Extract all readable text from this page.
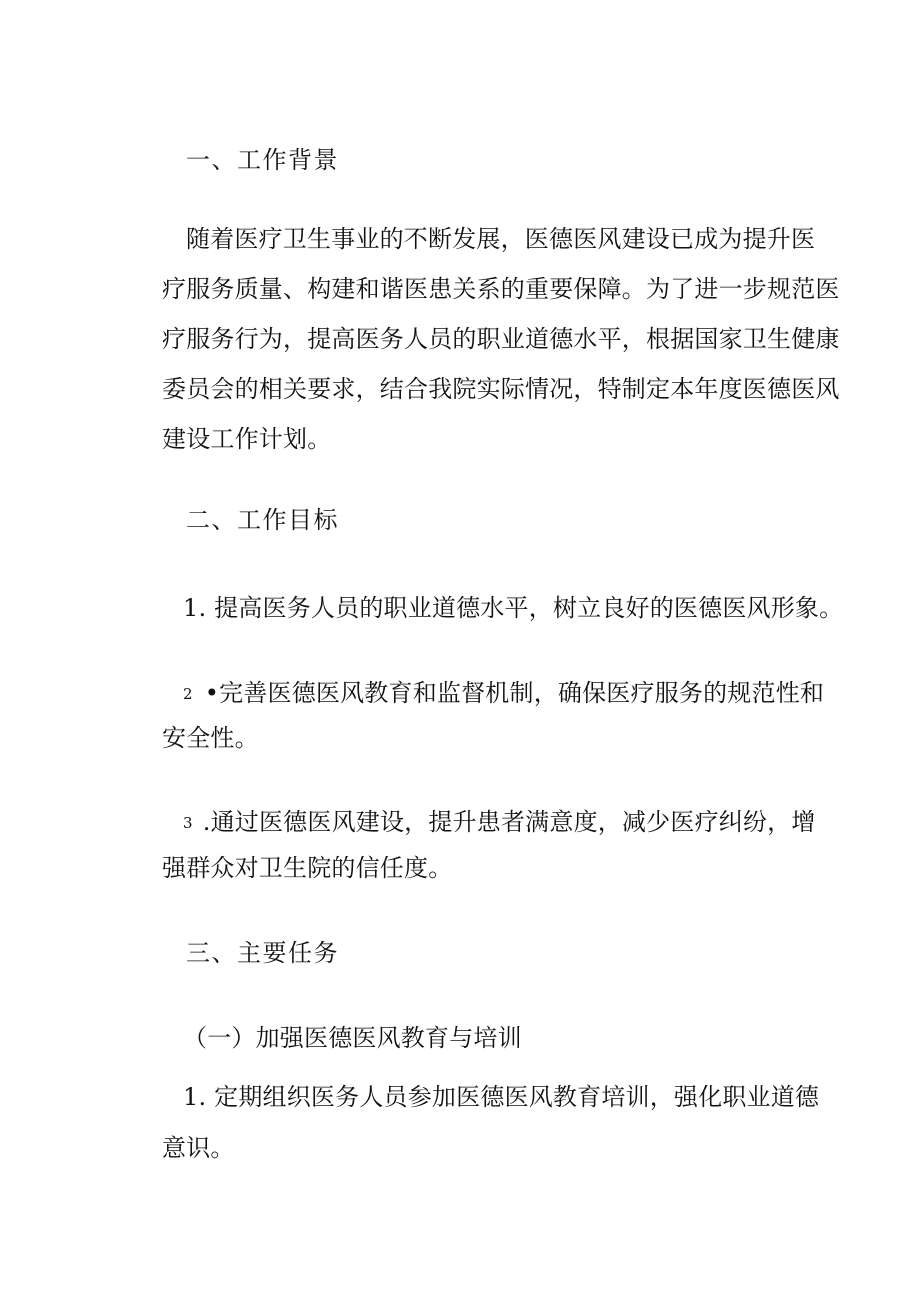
一、工作背景
随着医疗卫生事业的不断发展，医德医风建设已成为提升医
疗服务质量、构建和谐医患关系的重要保障。为了进一步规范医
疗服务行为，提高医务人员的职业道德水平，根据国家卫生健康
委员会的相关要求，结合我院实际情况，特制定本年度医德医风
建设工作计划。
二、工作目标
1. 提高医务人员的职业道德水平，树立良好的医德医风形象。
2 •完善医德医风教育和监督机制，确保医疗服务的规范性和
安全性。
3 .通过医德医风建设，提升患者满意度，减少医疗纠纷，增
强群众对卫生院的信任度。
三、主要任务
（一）加强医德医风教育与培训
1. 定期组织医务人员参加医德医风教育培训，强化职业道德
意识。
